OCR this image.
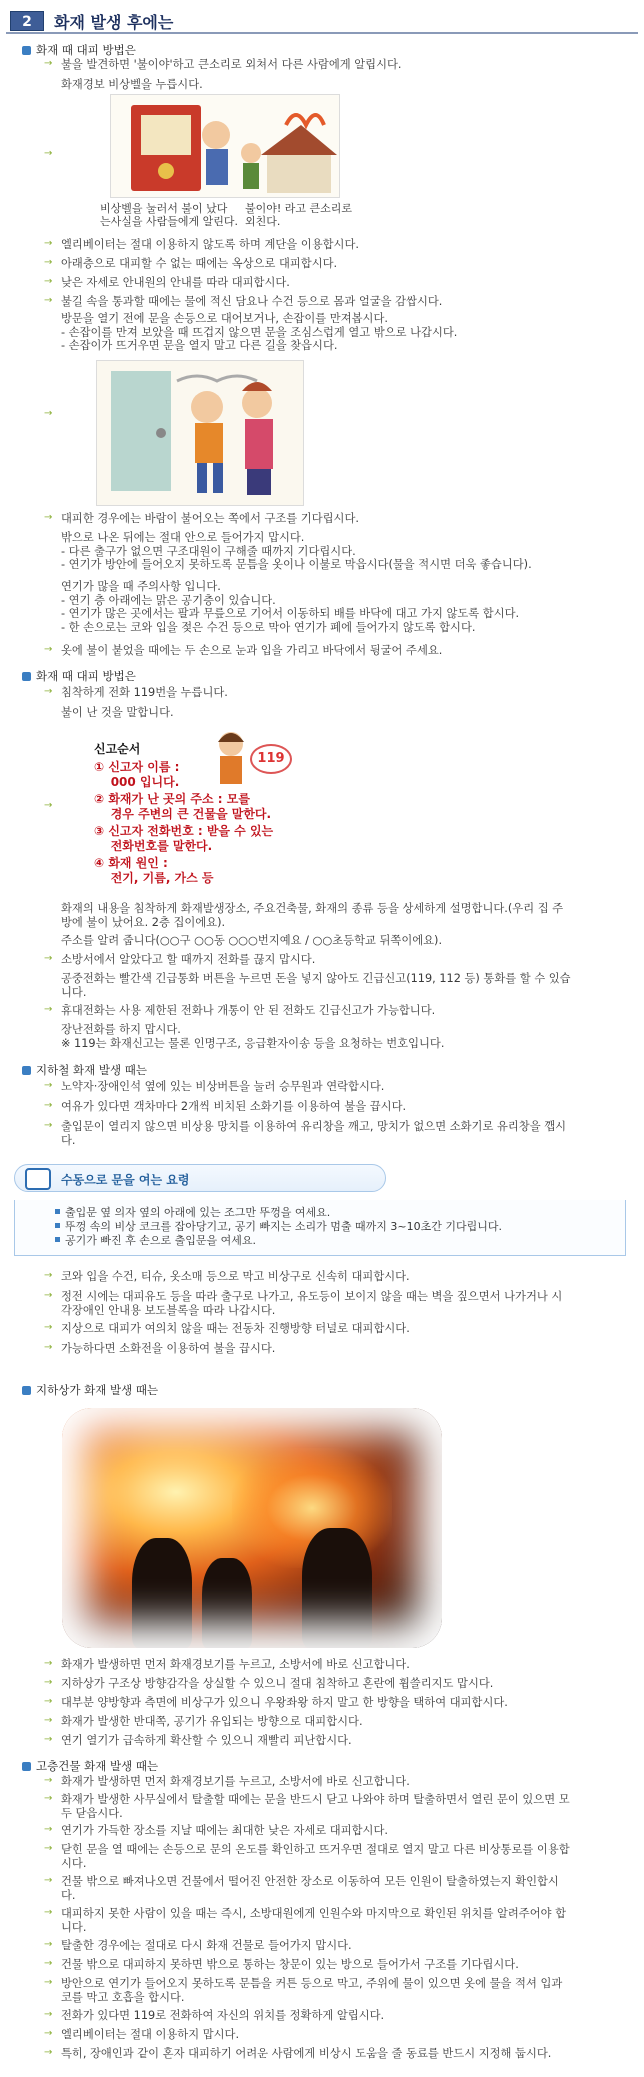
2	화재 발생 후에는
화재 때 대피 방법은
→
불을 발견하면 '불이야'하고 큰소리로 외쳐서 다른 사람에게 알립시다.
화재경보 비상벨을 누릅시다.
→
비상벨을 눌러서 불이 났다
는사실을 사람들에게 알린다.
불이야! 라고 큰소리로
외친다.
→
엘리베이터는 절대 이용하지 않도록 하며 계단을 이용합시다.
→
아래층으로 대피할 수 없는 때에는 옥상으로 대피합시다.
→
낮은 자세로 안내원의 안내를 따라 대피합시다.
→
불길 속을 통과할 때에는 물에 적신 담요나 수건 등으로 몸과 얼굴을 감쌉시다.
방문을 열기 전에 문을 손등으로 대어보거나, 손잡이를 만져봅시다.
- 손잡이를 만져 보았을 때 뜨겁지 않으면 문을 조심스럽게 열고 밖으로 나갑시다.
- 손잡이가 뜨거우면 문을 열지 말고 다른 길을 찾읍시다.
→
→
대피한 경우에는 바람이 불어오는 쪽에서 구조를 기다립시다.
밖으로 나온 뒤에는 절대 안으로 들어가지 맙시다.
- 다른 출구가 없으면 구조대원이 구해줄 때까지 기다립시다.
- 연기가 방안에 들어오지 못하도록 문틈을 옷이나 이불로 막읍시다(물을 적시면 더욱 좋습니다).
연기가 많을 때 주의사항 입니다.
- 연기 층 아래에는 맑은 공기층이 있습니다.
- 연기가 많은 곳에서는 팔과 무릎으로 기어서 이동하되 배를 바닥에 대고 가지 않도록 합시다.
- 한 손으로는 코와 입을 젖은 수건 등으로 막아 연기가 폐에 들어가지 않도록 합시다.
→
옷에 불이 붙었을 때에는 두 손으로 눈과 입을 가리고 바닥에서 뒹굴어 주세요.
화재 때 대피 방법은
→
침착하게 전화 119번을 누릅니다.
불이 난 것을 말합니다.
→
신고순서
① 신고자 이름 :
000 입니다.
② 화재가 난 곳의 주소 : 모를
경우 주변의 큰 건물을 말한다.
③ 신고자 전화번호 : 받을 수 있는
전화번호를 말한다.
④ 화재 원인 :
전기, 기름, 가스 등
119
화재의 내용을 침착하게 화재발생장소, 주요건축물, 화재의 종류 등을 상세하게 설명합니다.(우리 집 주
방에 불이 났어요. 2층 집이에요).
주소를 알려 줍니다(○○구 ○○동 ○○○번지예요 / ○○초등학교 뒤쪽이에요).
→
소방서에서 알았다고 할 때까지 전화를 끊지 맙시다.
공중전화는 빨간색 긴급통화 버튼을 누르면 돈을 넣지 않아도 긴급신고(119, 112 등) 통화를 할 수 있습
니다.
→
휴대전화는 사용 제한된 전화나 개통이 안 된 전화도 긴급신고가 가능합니다.
장난전화를 하지 맙시다.
※ 119는 화재신고는 물론 인명구조, 응급환자이송 등을 요청하는 번호입니다.
지하철 화재 발생 때는
→
노약자·장애인석 옆에 있는 비상버튼을 눌러 승무원과 연락합시다.
→
여유가 있다면 객차마다 2개씩 비치된 소화기를 이용하여 불을 끕시다.
→
출입문이 열리지 않으면 비상용 망치를 이용하여 유리창을 깨고, 망치가 없으면 소화기로 유리창을 깹시
다.
수동으로 문을 여는 요령
출입문 옆 의자 옆의 아래에 있는 조그만 뚜껑을 여세요.
뚜껑 속의 비상 코크를 잡아당기고, 공기 빠지는 소리가 멈출 때까지 3~10초간 기다립니다.
공기가 빠진 후 손으로 출입문을 여세요.
→
코와 입을 수건, 티슈, 옷소매 등으로 막고 비상구로 신속히 대피합시다.
→
정전 시에는 대피유도 등을 따라 출구로 나가고, 유도등이 보이지 않을 때는 벽을 짚으면서 나가거나 시
각장애인 안내용 보도블록을 따라 나갑시다.
→
지상으로 대피가 여의치 않을 때는 전동차 진행방향 터널로 대피합시다.
→
가능하다면 소화전을 이용하여 불을 끕시다.
지하상가 화재 발생 때는
→
화재가 발생하면 먼저 화재경보기를 누르고, 소방서에 바로 신고합니다.
→
지하상가 구조상 방향감각을 상실할 수 있으니 절대 침착하고 혼란에 휩쓸리지도 맙시다.
→
대부분 양방향과 측면에 비상구가 있으니 우왕좌왕 하지 말고 한 방향을 택하여 대피합시다.
→
화재가 발생한 반대쪽, 공기가 유입되는 방향으로 대피합시다.
→
연기 열기가 급속하게 확산할 수 있으니 재빨리 피난합시다.
고층건물 화재 발생 때는
→
화재가 발생하면 먼저 화재경보기를 누르고, 소방서에 바로 신고합니다.
→
화재가 발생한 사무실에서 탈출할 때에는 문을 반드시 닫고 나와야 하며 탈출하면서 열린 문이 있으면 모
두 닫읍시다.
→
연기가 가득한 장소를 지날 때에는 최대한 낮은 자세로 대피합시다.
→
닫힌 문을 열 때에는 손등으로 문의 온도를 확인하고 뜨거우면 절대로 열지 말고 다른 비상통로를 이용합
시다.
→
건물 밖으로 빠져나오면 건물에서 떨어진 안전한 장소로 이동하여 모든 인원이 탈출하였는지 확인합시
다.
→
대피하지 못한 사람이 있을 때는 즉시, 소방대원에게 인원수와 마지막으로 확인된 위치를 알려주어야 합
니다.
→
탈출한 경우에는 절대로 다시 화재 건물로 들어가지 맙시다.
→
건물 밖으로 대피하지 못하면 밖으로 통하는 창문이 있는 방으로 들어가서 구조를 기다립시다.
→
방안으로 연기가 들어오지 못하도록 문틈을 커튼 등으로 막고, 주위에 물이 있으면 옷에 물을 적셔 입과
코를 막고 호흡을 합시다.
→
전화가 있다면 119로 전화하여 자신의 위치를 정확하게 알립시다.
→
엘리베이터는 절대 이용하지 맙시다.
→
특히, 장애인과 같이 혼자 대피하기 어려운 사람에게 비상시 도움을 줄 동료를 반드시 지정해 둡시다.
